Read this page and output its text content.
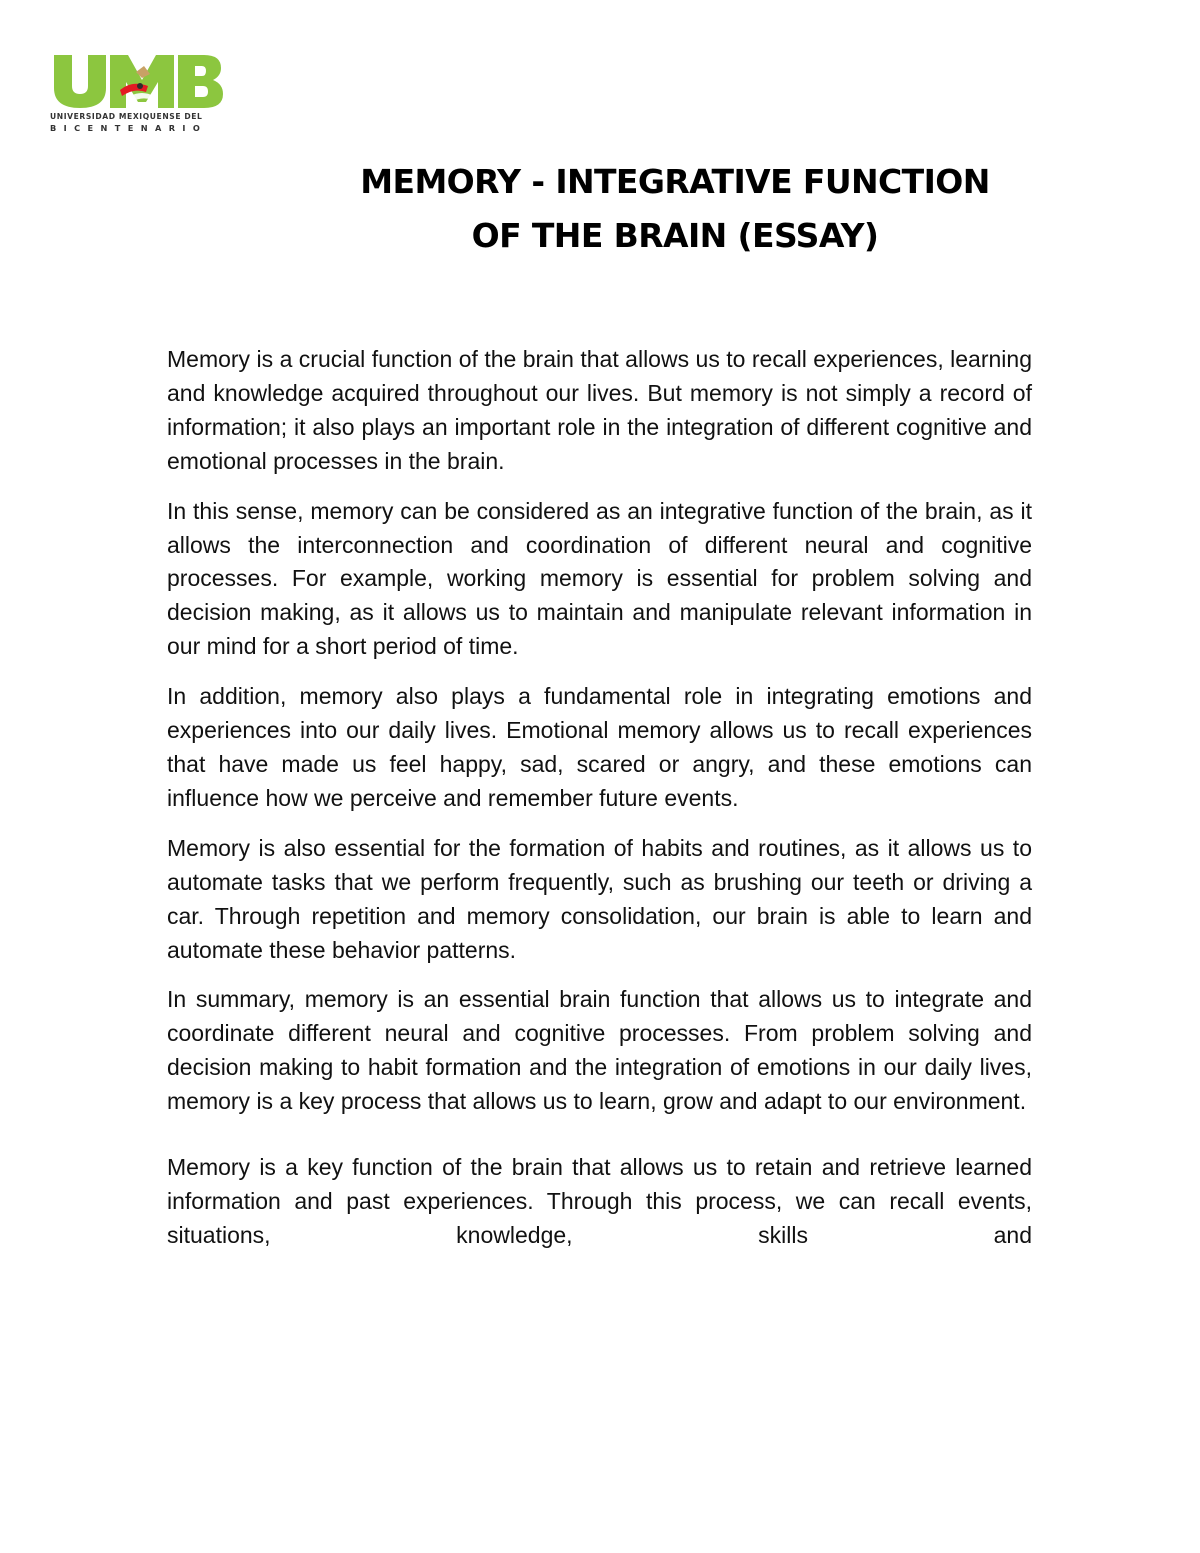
UNIVERSIDAD MEXIQUENSE DEL
BICENTENARIO
MEMORY - INTEGRATIVE FUNCTION
OF THE BRAIN (ESSAY)

Memory is a crucial function of the brain that allows us to recall experiences, learning and knowledge acquired throughout our lives. But memory is not simply a record of information; it also plays an important role in the integration of different cognitive and emotional processes in the brain.

In this sense, memory can be considered as an integrative function of the brain, as it allows the interconnection and coordination of different neural and cognitive processes. For example, working memory is essential for problem solving and decision making, as it allows us to maintain and manipulate relevant information in our mind for a short period of time.

In addition, memory also plays a fundamental role in integrating emotions and experiences into our daily lives. Emotional memory allows us to recall experiences that have made us feel happy, sad, scared or angry, and these emotions can influence how we perceive and remember future events.

Memory is also essential for the formation of habits and routines, as it allows us to automate tasks that we perform frequently, such as brushing our teeth or driving a car. Through repetition and memory consolidation, our brain is able to learn and automate these behavior patterns.

In summary, memory is an essential brain function that allows us to integrate and coordinate different neural and cognitive processes. From problem solving and decision making to habit formation and the integration of emotions in our daily lives, memory is a key process that allows us to learn, grow and adapt to our environment.

Memory is a key function of the brain that allows us to retain and retrieve learned information and past experiences. Through this process, we can recall events, situations, knowledge, skills and
